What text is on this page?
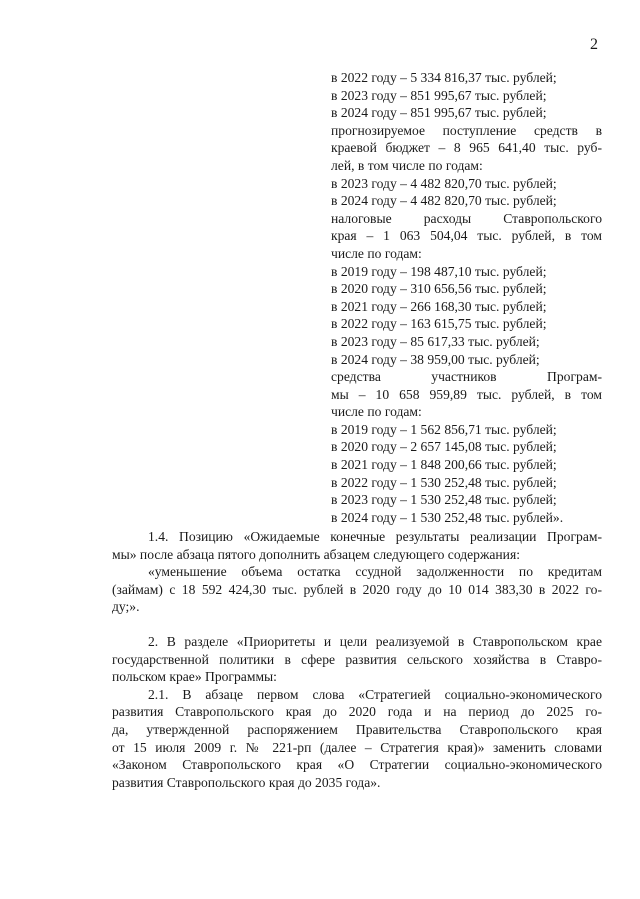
2
в 2022 году – 5 334 816,37 тыс. рублей;
в 2023 году – 851 995,67 тыс. рублей;
в 2024 году – 851 995,67 тыс. рублей;
прогнозируемое поступление средств в
краевой бюджет – 8 965 641,40 тыс. руб-
лей, в том числе по годам:
в 2023 году – 4 482 820,70 тыс. рублей;
в 2024 году – 4 482 820,70 тыс. рублей;
налоговые расходы Ставропольского
края – 1 063 504,04 тыс. рублей, в том
числе по годам:
в 2019 году – 198 487,10 тыс. рублей;
в 2020 году – 310 656,56 тыс. рублей;
в 2021 году – 266 168,30 тыс. рублей;
в 2022 году – 163 615,75 тыс. рублей;
в 2023 году – 85 617,33 тыс. рублей;
в 2024 году – 38 959,00 тыс. рублей;
средства участников Програм-
мы – 10 658 959,89 тыс. рублей, в том
числе по годам:
в 2019 году – 1 562 856,71 тыс. рублей;
в 2020 году – 2 657 145,08 тыс. рублей;
в 2021 году – 1 848 200,66 тыс. рублей;
в 2022 году – 1 530 252,48 тыс. рублей;
в 2023 году – 1 530 252,48 тыс. рублей;
в 2024 году – 1 530 252,48 тыс. рублей».
1.4. Позицию «Ожидаемые конечные результаты реализации Програм-
мы» после абзаца пятого дополнить абзацем следующего содержания:
«уменьшение объема остатка ссудной задолженности по кредитам
(займам) с 18 592 424,30 тыс. рублей в 2020 году до 10 014 383,30 в 2022 го-
ду;».
2. В разделе «Приоритеты и цели реализуемой в Ставропольском крае
государственной политики в сфере развития сельского хозяйства в Ставро-
польском крае» Программы:
2.1. В абзаце первом слова «Стратегией социально-экономического
развития Ставропольского края до 2020 года и на период до 2025 го-
да, утвержденной распоряжением Правительства Ставропольского края
от 15 июля 2009 г. № 221-рп (далее – Стратегия края)» заменить словами
«Законом Ставропольского края «О Стратегии социально-экономического
развития Ставропольского края до 2035 года».
